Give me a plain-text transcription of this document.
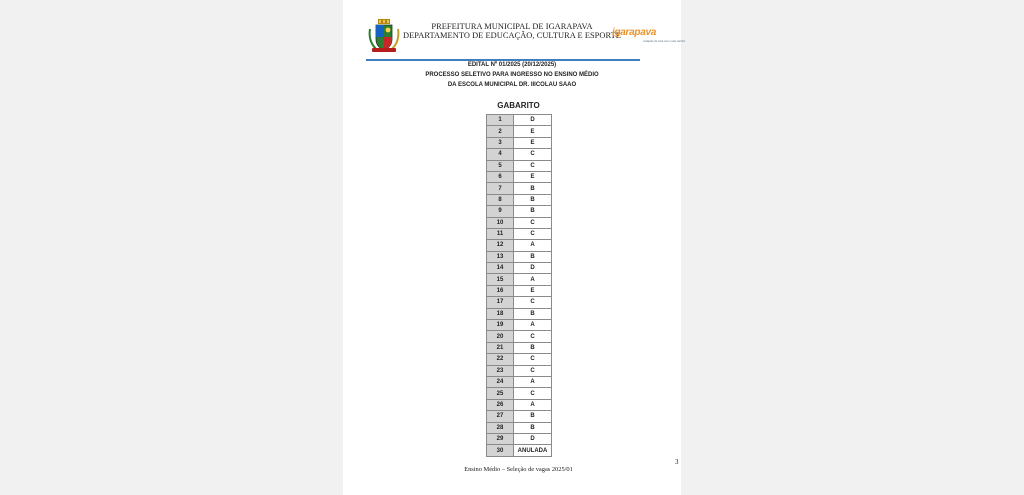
PREFEITURA MUNICIPAL DE IGARAPAVA
DEPARTAMENTO DE EDUCAÇÃO, CULTURA E ESPORTE
igarapava
cuidando de você com muito carinho
EDITAL Nº 01/2025 (20/12/2025)
PROCESSO SELETIVO PARA INGRESSO NO ENSINO MÉDIO
DA ESCOLA MUNICIPAL DR. IIICOLAU SAAO
GABARITO
1	D
2	E
3	E
4	C
5	C
6	E
7	B
8	B
9	B
10	C
11	C
12	A
13	B
14	D
15	A
16	E
17	C
18	B
19	A
20	C
21	B
22	C
23	C
24	A
25	C
26	A
27	B
28	B
29	D
30	ANULADA
3
Ensino Médio – Seleção de vagas 2025/01
